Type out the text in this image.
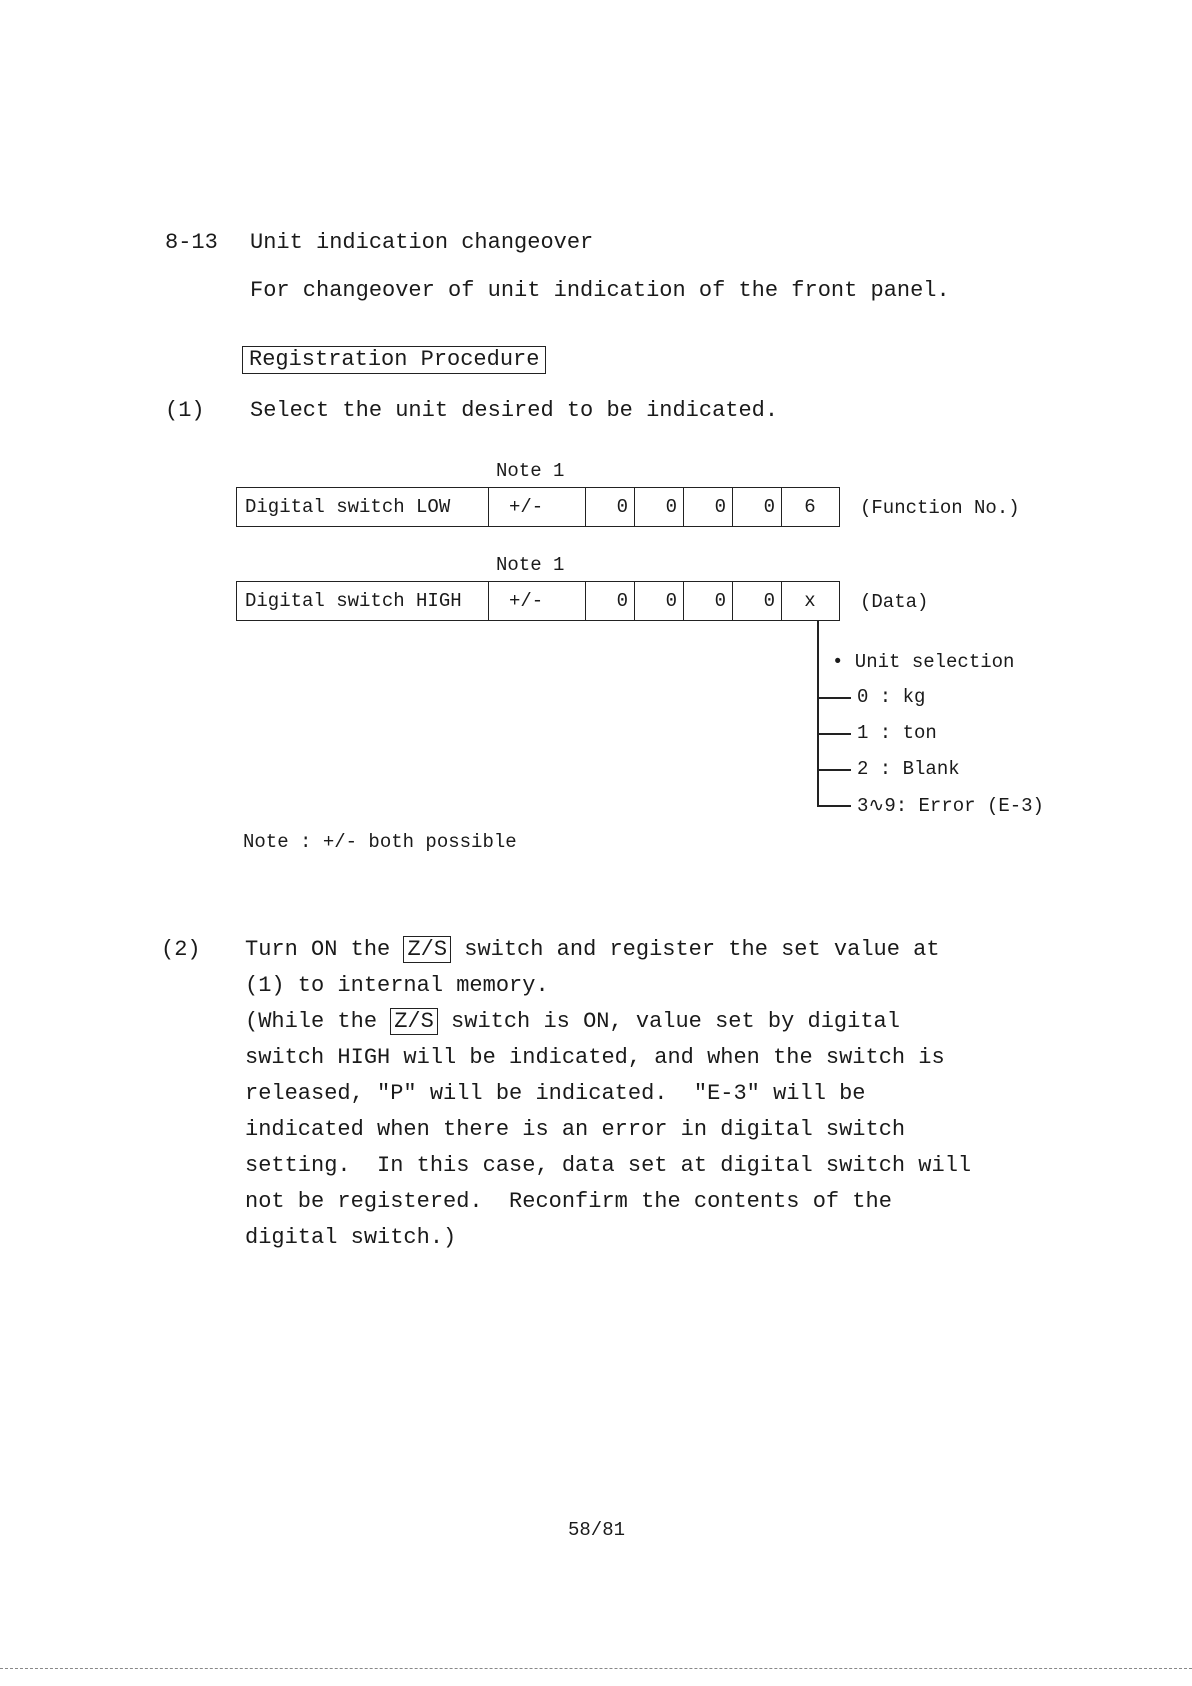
8-13 Unit indication changeover
For changeover of unit indication of the front panel.
Registration Procedure
(1) Select the unit desired to be indicated.
Note 1
Digital switch LOW	+/-	0	0	0	0	6	(Function No.)
Note 1
Digital switch HIGH	+/-	0	0	0	0	x	(Data)
• Unit selection
0 : kg
1 : ton
2 : Blank
3∿9: Error (E-3)
Note : +/- both possible
(2) Turn ON the Z/S switch and register the set value at
(1) to internal memory.
(While the Z/S switch is ON, value set by digital
switch HIGH will be indicated, and when the switch is
released, "P" will be indicated.  "E-3" will be
indicated when there is an error in digital switch
setting.  In this case, data set at digital switch will
not be registered.  Reconfirm the contents of the
digital switch.)
58/81
